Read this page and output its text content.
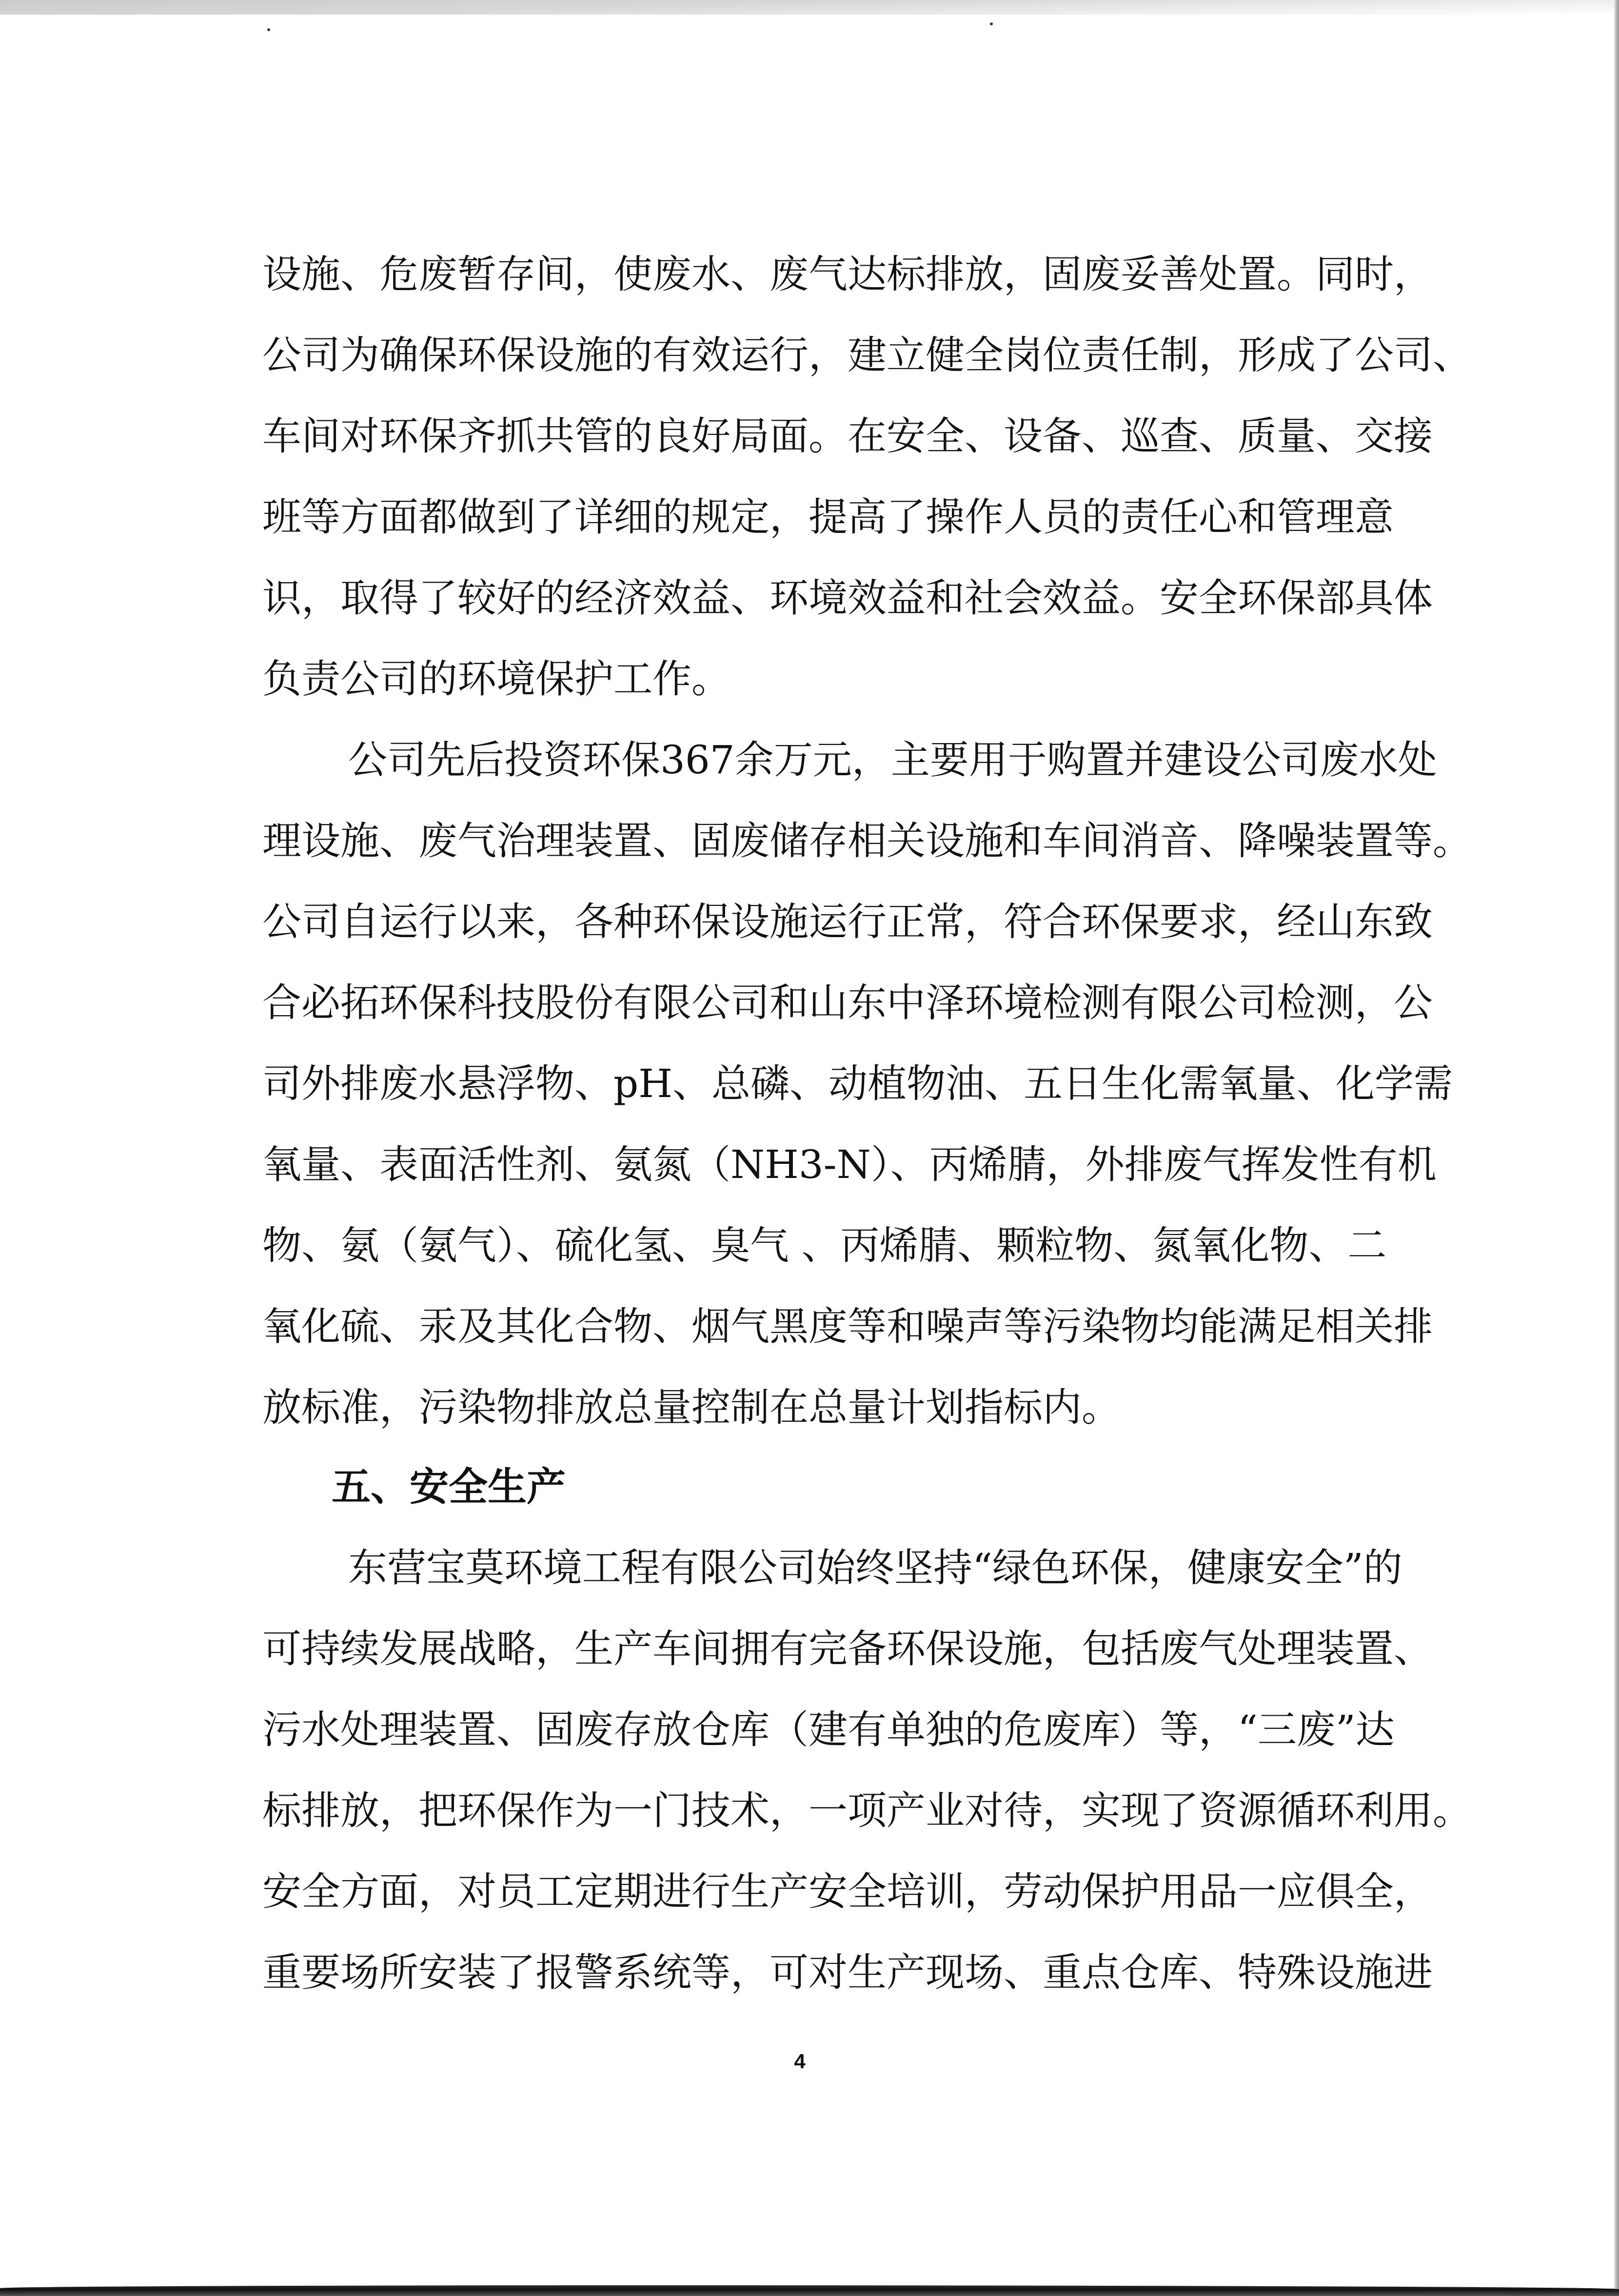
设施、危废暂存间，使废水、废气达标排放，固废妥善处置。同时，
公司为确保环保设施的有效运行，建立健全岗位责任制，形成了公司、
车间对环保齐抓共管的良好局面。在安全、设备、巡查、质量、交接
班等方面都做到了详细的规定，提高了操作人员的责任心和管理意
识，取得了较好的经济效益、环境效益和社会效益。安全环保部具体
负责公司的环境保护工作。
公司先后投资环保367余万元，主要用于购置并建设公司废水处
理设施、废气治理装置、固废储存相关设施和车间消音、降噪装置等。
公司自运行以来，各种环保设施运行正常，符合环保要求，经山东致
合必拓环保科技股份有限公司和山东中泽环境检测有限公司检测，公
司外排废水悬浮物、pH、总磷、动植物油、五日生化需氧量、化学需
氧量、表面活性剂、氨氮（NH3-N）、丙烯腈，外排废气挥发性有机
物、氨（氨气）、硫化氢、臭气 、丙烯腈、颗粒物、氮氧化物、二
氧化硫、汞及其化合物、烟气黑度等和噪声等污染物均能满足相关排
放标准，污染物排放总量控制在总量计划指标内。
五、安全生产
东营宝莫环境工程有限公司始终坚持“绿色环保，健康安全”的
可持续发展战略，生产车间拥有完备环保设施，包括废气处理装置、
污水处理装置、固废存放仓库（建有单独的危废库）等，“三废”达
标排放，把环保作为一门技术，一项产业对待，实现了资源循环利用。
安全方面，对员工定期进行生产安全培训，劳动保护用品一应俱全，
重要场所安装了报警系统等，可对生产现场、重点仓库、特殊设施进
4
